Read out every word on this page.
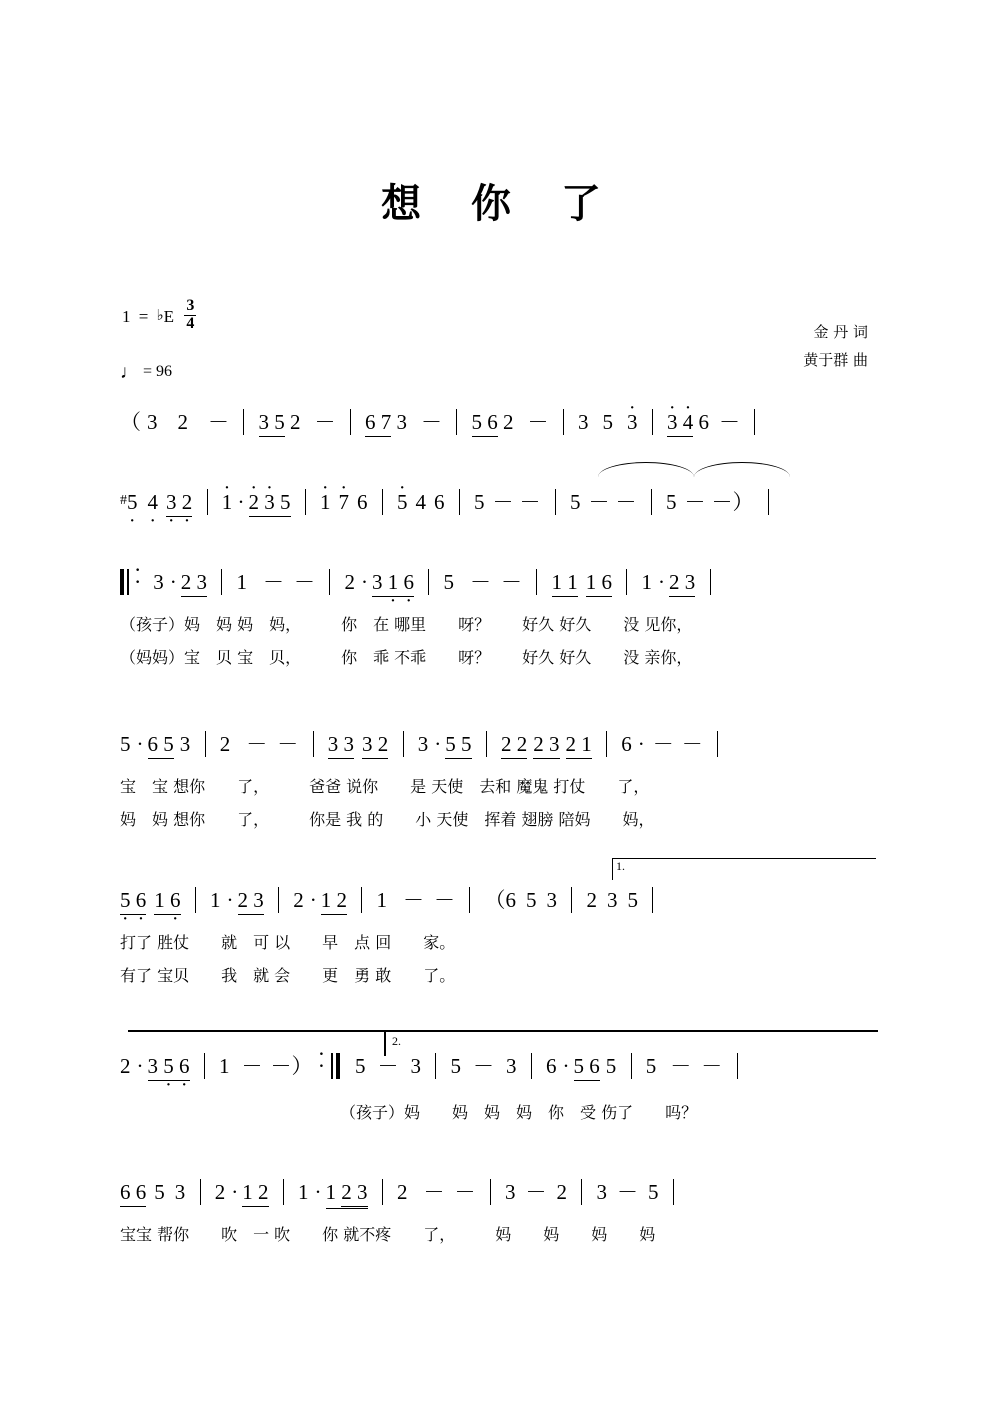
想 你 了
1 = ♭E $\frac{3}{4}$
♩ = 96
金 丹 词
黄于群 曲
（ 3 2 －  3 5 2 －  6 7 3 －  5 6 2 －  3 5 · 3 · 3 · 4 6 －
#5 · 4 · 3 · 2 · · 1 · · 2 · 3 5 · 1 · 7 6  · 5 4 6  5 － －  5 － －  5 － －）
· · 3 · 2 3  1 － －  2 · 3 1 · 6 ·  5 － －  1 1 1 6  1 · 2 3
（孩子）妈　妈 妈　妈，　　　你　在 哪里　　呀？　　好久 好久　　没 见你，
（妈妈）宝　贝 宝　贝，　　　你　乖 不乖　　呀？　　好久 好久　　没 亲你，
5 · 6 5 3  2 － －  3 3 3 2  3 · 5 5 2 2 2 3 2 1  6 · － －
宝　宝 想你　　了，　　　爸爸 说你　　是 天使　去和 魔鬼 打仗　　了，
妈　妈 想你　　了，　　　你是 我 的　　小 天使　挥着 翅膀 陪妈　　妈，
1.
5 · 6 · 1 6 ·  1 · 2 3  2 · 1 2  1 － －  （6 5 3  2 3 5
打了 胜仗　　就　可 以　　早　点 回　　家。
有了 宝贝　　我　就 会　　更　勇 敢　　了。
2.
2 · 3 5 · 6 ·  1 － －） · · 5 － 3  5 － 3  6 · 5 6 5  5 － －
（孩子）妈　　妈　妈　妈　你　受 伤了　　吗？
6 6 5 3  2 · 1 2  1 · 1 2 3  2 － －  3 － 2  3 － 5
宝宝 帮你　　吹　一 吹　　你 就不疼　　了，　　　妈　　妈　　妈　　妈
